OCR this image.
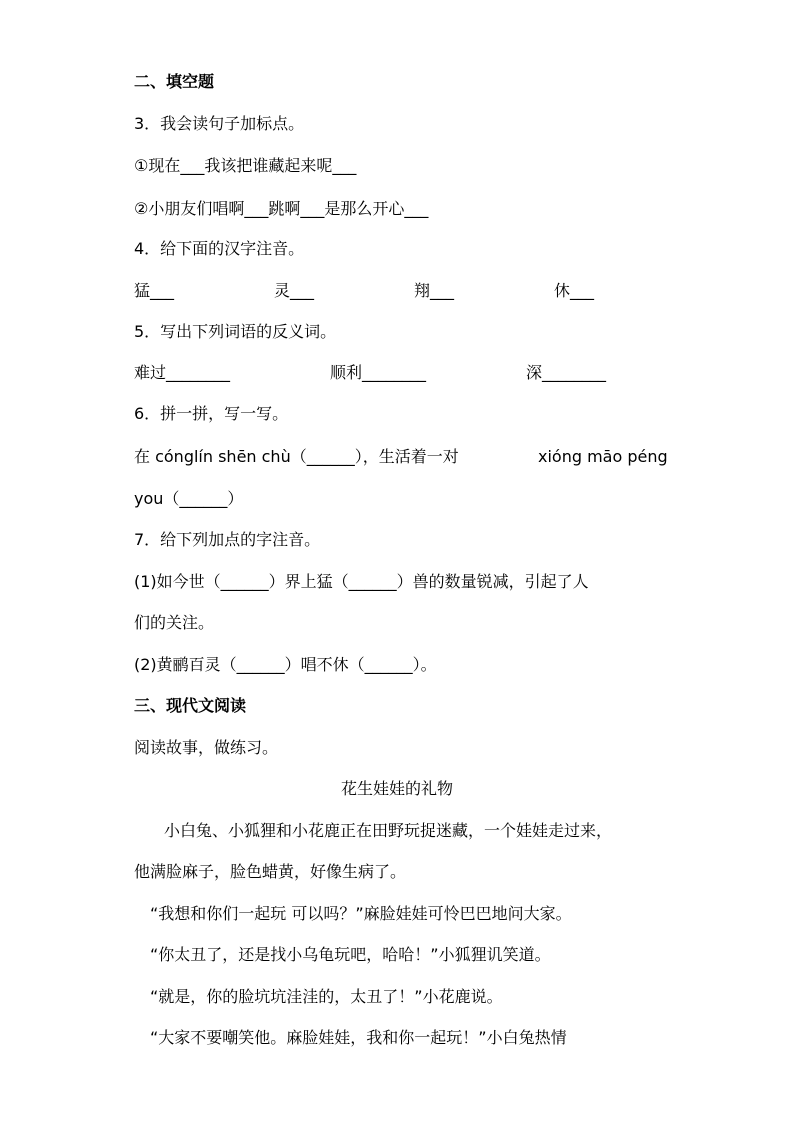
二、填空题
3．我会读句子加标点。
①现在___我该把谁藏起来呢___
②小朋友们唱啊___跳啊___是那么开心___
4．给下面的汉字注音。
猛___	灵___	翔___	休___
5．写出下列词语的反义词。
难过________	顺利________	深________
6．拼一拼，写一写。
在 cónglín shēn chù（______），生活着一对	xióng māo péng
you（______）
7．给下列加点的字注音。
(1)如今世（______）界上猛（______）兽的数量锐减，引起了人
们的关注。
(2)黄鹂百灵（______）唱不休（______）。
三、现代文阅读
阅读故事，做练习。
花生娃娃的礼物
小白兔、小狐狸和小花鹿正在田野玩捉迷藏，一个娃娃走过来，
他满脸麻子，脸色蜡黄，好像生病了。
“我想和你们一起玩 可以吗？”麻脸娃娃可怜巴巴地问大家。
“你太丑了，还是找小乌龟玩吧，哈哈！”小狐狸讥笑道。
“就是，你的脸坑坑洼洼的，太丑了！”小花鹿说。
“大家不要嘲笑他。麻脸娃娃，我和你一起玩！”小白兔热情
